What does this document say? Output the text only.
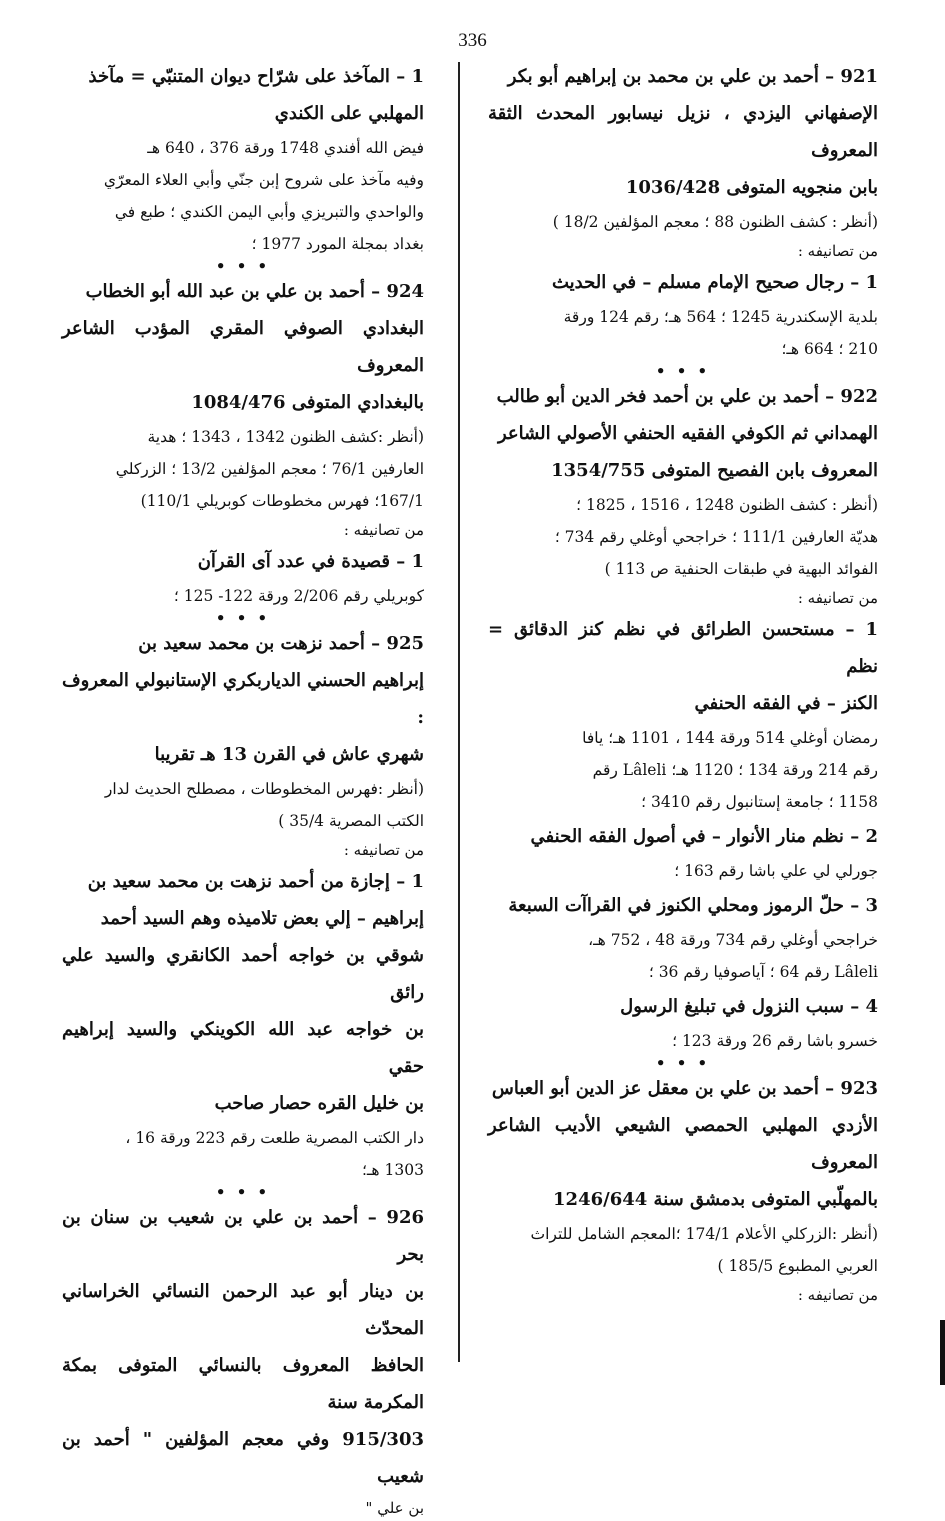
336

921 – أحمد بن علي بن محمد بن إبراهيم أبو بكر

الإصفهاني اليزدي ، نزيل نيسابور المحدث الثقة المعروف

بابن منجويه المتوفى 1036/428

(أنظر : كشف الظنون 88 ؛ معجم المؤلفين 18/2 )

من تصانيفه :

1 – رجال صحيح الإمام مسلم – في الحديث

بلدية الإسكندرية 1245 ؛ 564 هـ؛ رقم 124 ورقة

210 ؛ 664 هـ؛

• • •

922 – أحمد بن علي بن أحمد فخر الدين أبو طالب

الهمداني ثم الكوفي الفقيه الحنفي الأصولي الشاعر

المعروف بابن الفصيح المتوفى 1354/755

(أنظر : كشف الظنون 1248 ، 1516 ، 1825 ؛

هديّة العارفين 111/1 ؛ خراجحي أوغلي رقم 734 ؛

الفوائد البهية في طبقات الحنفية ص 113 )

من تصانيفه :

1 – مستحسن الطرائق في نظم كنز الدقائق = نظم

الكنز – في الفقه الحنفي

رمضان أوغلي 514 ورقة 144 ، 1101 هـ؛ يافا

رقم 214 ورقة 134 ؛ 1120 هـ؛ Lâleli رقم

1158 ؛ جامعة إستانبول رقم 3410 ؛

2 – نظم منار الأنوار – في أصول الفقه الحنفي

جورلي لي علي باشا رقم 163 ؛

3 – حلّ الرموز ومحلي الكنوز في القراآت السبعة

خراجحي أوغلي رقم 734 ورقة 48 ، 752 هـ،

Lâleli رقم 64 ؛ آياصوفيا رقم 36 ؛

4 – سبب النزول في تبليغ الرسول

خسرو باشا رقم 26 ورقة 123 ؛

• • •

923 – أحمد بن علي بن معقل عز الدين أبو العباس

الأزدي المهلبي الحمصي الشيعي الأديب الشاعر المعروف

بالمهلّبي المتوفى بدمشق سنة 1246/644

(أنظر :الزركلي الأعلام 174/1 ؛المعجم الشامل للتراث

العربي المطبوع 185/5 )

من تصانيفه :

1 – المآخذ على شرّاح ديوان المتنبّي = مآخذ

المهلبي على الكندي

فيض الله أفندي 1748 ورقة 376 ، 640 هـ

وفيه مآخذ على شروح إبن جنّي وأبي العلاء المعرّي

والواحدي والتبريزي وأبي اليمن الكندي ؛ طبع في

بغداد بمجلة المورد 1977 ؛

• • •

924 – أحمد بن علي بن عبد الله أبو الخطاب

البغدادي الصوفي المقري المؤدب الشاعر المعروف

بالبغدادي المتوفى 1084/476

(أنظر :كشف الظنون 1342 ، 1343 ؛ هدية

العارفين 76/1 ؛ معجم المؤلفين 13/2 ؛ الزركلي

167/1؛ فهرس مخطوطات كوبريلي 110/1)

من تصانيفه :

1 – قصيدة في عدد آى القرآن

كوبريلي رقم 2/206 ورقة 122- 125 ؛

• • •

925 – أحمد نزهت بن محمد سعيد بن

إبراهيم الحسني الدياربكري الإستانبولي المعروف :

شهري عاش في القرن 13 هـ تقريبا

(أنظر :فهرس المخطوطات ، مصطلح الحديث لدار

الكتب المصرية 35/4 )

من تصانيفه :

1 – إجازة من أحمد نزهت بن محمد سعيد بن

إبراهيم – إلي بعض تلاميذه وهم السيد أحمد

شوقي بن خواجه أحمد الكانقري والسيد علي رائق

بن خواجه عبد الله الكوينكي والسيد إبراهيم حقي

بن خليل القره حصار صاحب

دار الكتب المصرية طلعت رقم 223 ورقة 16 ،

1303 هـ؛

• • •

926 – أحمد بن علي بن شعيب بن سنان بن بحر

بن دينار أبو عبد الرحمن النسائي الخراساني المحدّث

الحافظ المعروف بالنسائي المتوفى بمكة المكرمة سنة

915/303 وفي معجم المؤلفين " أحمد بن شعيب

بن علي "
